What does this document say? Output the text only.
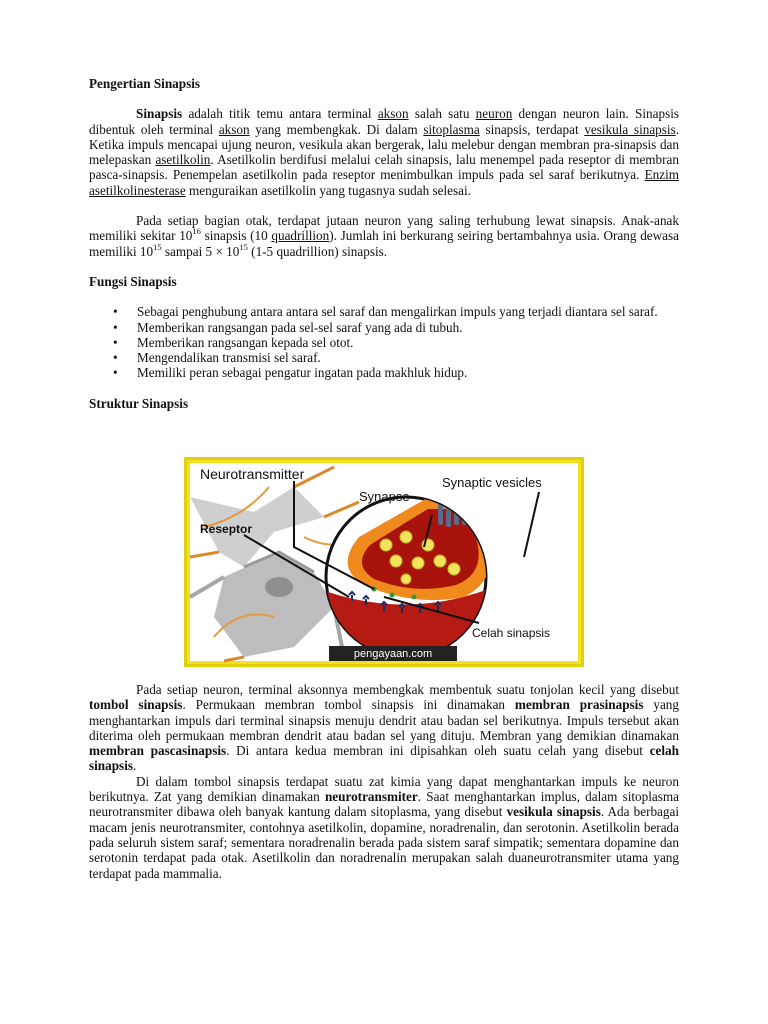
Pengertian Sinapsis

Sinapsis adalah titik temu antara terminal akson salah satu neuron dengan neuron lain. Sinapsis dibentuk oleh terminal akson yang membengkak. Di dalam sitoplasma sinapsis, terdapat vesikula sinapsis. Ketika impuls mencapai ujung neuron, vesikula akan bergerak, lalu melebur dengan membran pra-sinapsis dan melepaskan asetilkolin. Asetilkolin berdifusi melalui celah sinapsis, lalu menempel pada reseptor di membran pasca-sinapsis. Penempelan asetilkolin pada reseptor menimbulkan impuls pada sel saraf berikutnya. Enzim asetilkolinesterase menguraikan asetilkolin yang tugasnya sudah selesai.

Pada setiap bagian otak, terdapat jutaan neuron yang saling terhubung lewat sinapsis. Anak-anak memiliki sekitar $10^{16}$ sinapsis (10 quadrillion). Jumlah ini berkurang seiring bertambahnya usia. Orang dewasa memiliki $10^{15}$ sampai $5 \times 10^{15}$ (1-5 quadrillion) sinapsis.

Fungsi Sinapsis
• Sebagai penghubung antara antara sel saraf dan mengalirkan impuls yang terjadi diantara sel saraf.
• Memberikan rangsangan pada sel-sel saraf yang ada di tubuh.
• Memberikan rangsangan kepada sel otot.
• Mengendalikan transmisi sel saraf.
• Memiliki peran sebagai pengatur ingatan pada makhluk hidup.
Struktur Sinapsis
Neurotransmitter
Synapse
Synaptic vesicles
Reseptor
Celah sinapsis
pengayaan.com

Pada setiap neuron, terminal aksonnya membengkak membentuk suatu tonjolan kecil yang disebut tombol sinapsis. Permukaan membran tombol sinapsis ini dinamakan membran prasinapsis yang menghantarkan impuls dari terminal sinapsis menuju dendrit atau badan sel berikutnya. Impuls tersebut akan diterima oleh permukaan membran dendrit atau badan sel yang dituju. Membran yang demikian dinamakan membran pascasinapsis. Di antara kedua membran ini dipisahkan oleh suatu celah yang disebut celah sinapsis.

Di dalam tombol sinapsis terdapat suatu zat kimia yang dapat menghantarkan impuls ke neuron berikutnya. Zat yang demikian dinamakan neurotransmiter. Saat menghantarkan implus, dalam sitoplasma neurotransmiter dibawa oleh banyak kantung dalam sitoplasma, yang disebut vesikula sinapsis. Ada berbagai macam jenis neurotransmiter, contohnya asetilkolin, dopamine, noradrenalin, dan serotonin. Asetilkolin berada pada seluruh sistem saraf; sementara noradrenalin berada pada sistem saraf simpatik; sementara dopamine dan serotonin terdapat pada otak. Asetilkolin dan noradrenalin merupakan salah duaneurotransmiter utama yang terdapat pada mammalia.
